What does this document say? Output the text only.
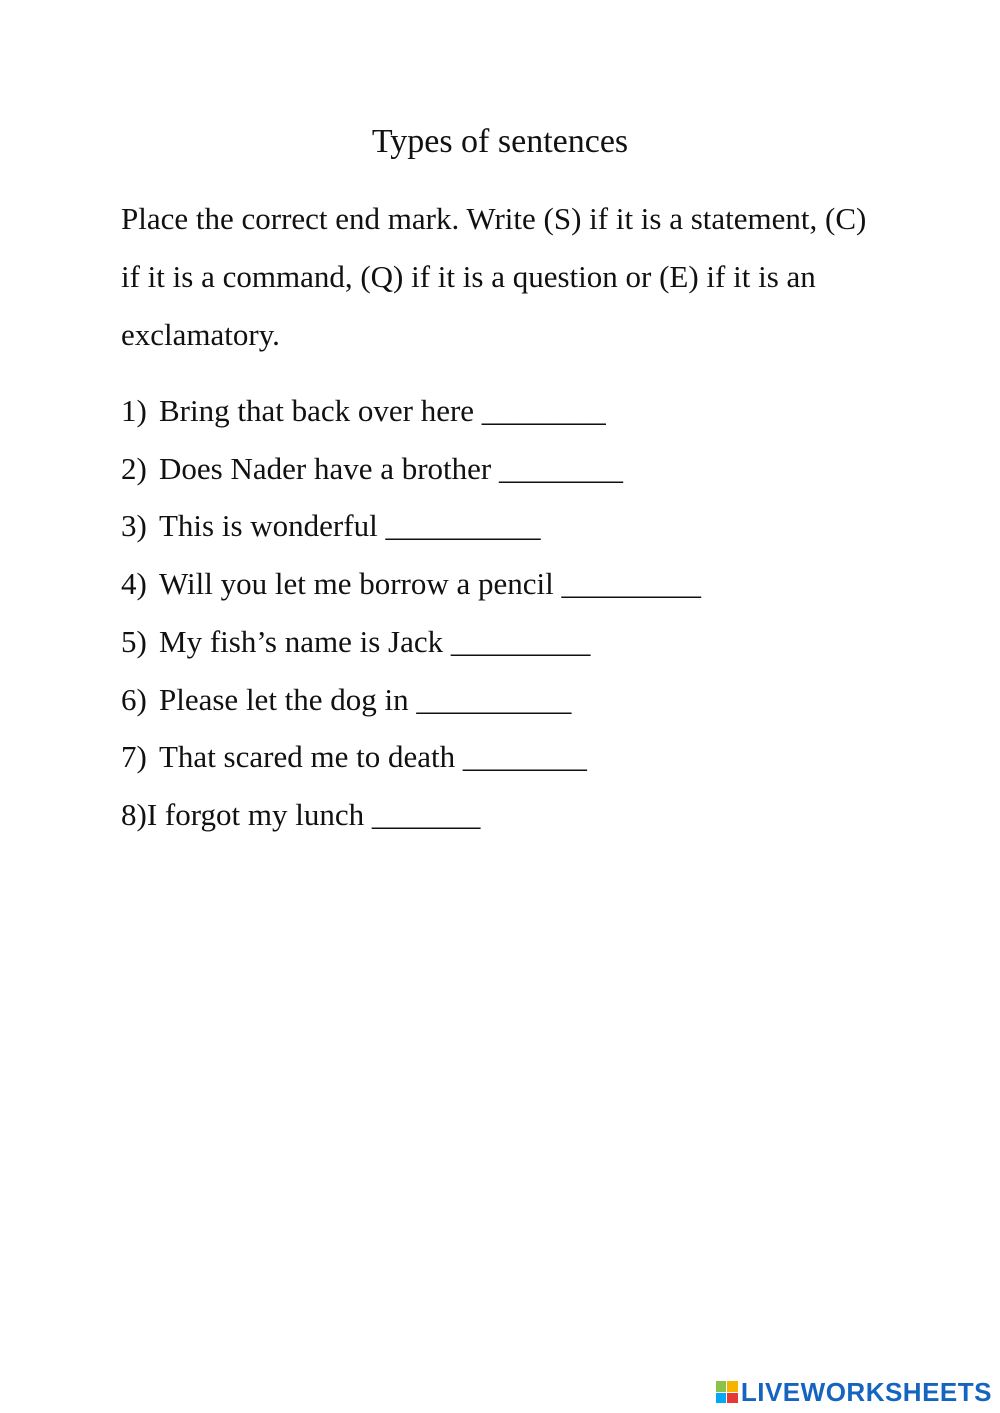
Types of sentences
Place the correct end mark. Write (S) if it is a statement, (C) if it is a command, (Q) if it is a question or (E) if it is an exclamatory.
1) Bring that back over here ________
2) Does Nader have a brother ________
3) This is wonderful __________
4) Will you let me borrow a pencil _________
5) My fish’s name is Jack _________
6) Please let the dog in __________
7) That scared me to death ________
8)I forgot my lunch _______
LIVEWORKSHEETS
